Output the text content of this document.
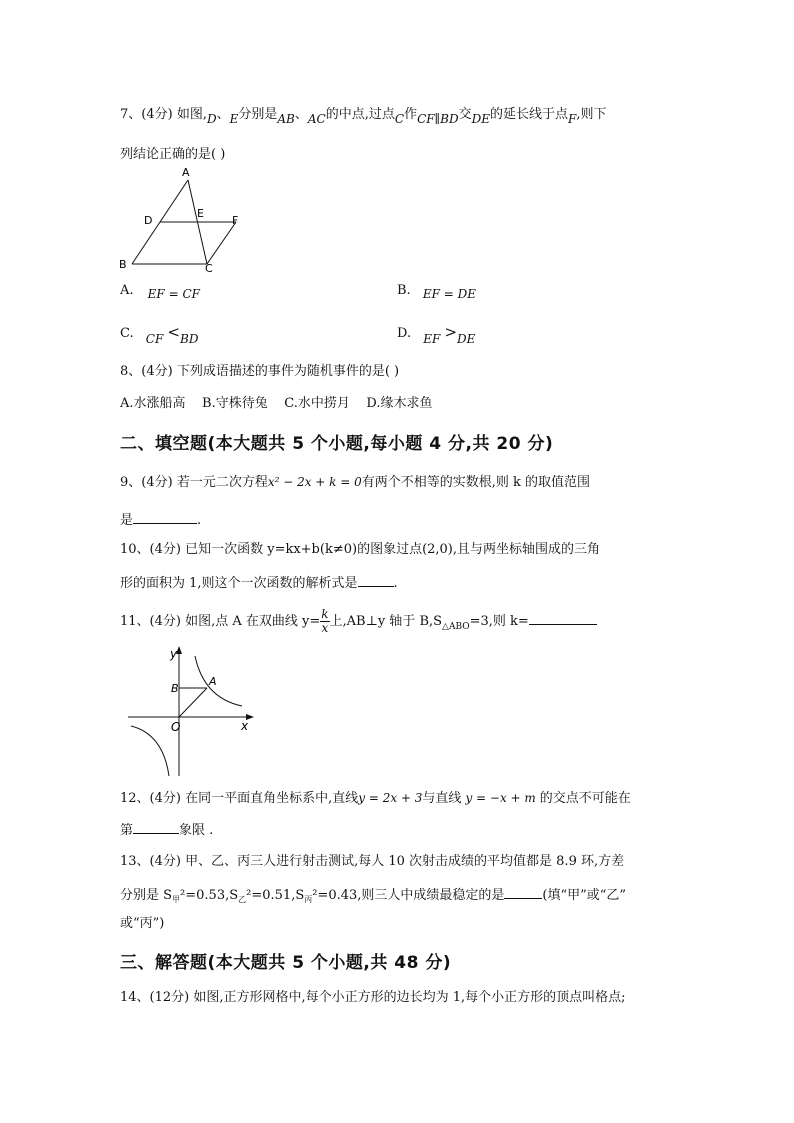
7、(4分) 如图,D、E分别是AB、AC的中点,过点C作CF∥BD交DE的延长线于点F,则下
列结论正确的是( )
A
D
E
F
B	C
A. EF = CF	B. EF = DE
C. CF <BD	D. EF >DE
8、(4分) 下列成语描述的事件为随机事件的是( )
A.水涨船高    B.守株待兔    C.水中捞月    D.缘木求鱼
二、填空题(本大题共 5 个小题,每小题 4 分,共 20 分)
9、(4分) 若一元二次方程x² − 2x + k = 0有两个不相等的实数根,则 k 的取值范围
是	.
10、(4分) 已知一次函数 y=kx+b(k≠0)的图象过点(2,0),且与两坐标轴围成的三角
形的面积为 1,则这个一次函数的解析式是	.
11、(4分) 如图,点 A 在双曲线 $y= \frac{k}{x}$ 上,AB⊥y 轴于 $B,S_{\triangle ABO}=3$,则 k=
y
x
O
B
A
12、(4分) 在同一平面直角坐标系中,直线y = 2x + 3与直线 y = −x + m 的交点不可能在
第	象限 .
13、(4分) 甲、乙、丙三人进行射击测试,每人 10 次射击成绩的平均值都是 8.9 环,方差
分别是 $S_甲^2=0.53,S_乙^2=0.51,S_丙^2=0.43$,则三人中成绩最稳定的是	(填“甲”或“乙”
或“丙”)
三、解答题(本大题共 5 个小题,共 48 分)
14、(12分) 如图,正方形网格中,每个小正方形的边长均为 1,每个小正方形的顶点叫格点;
